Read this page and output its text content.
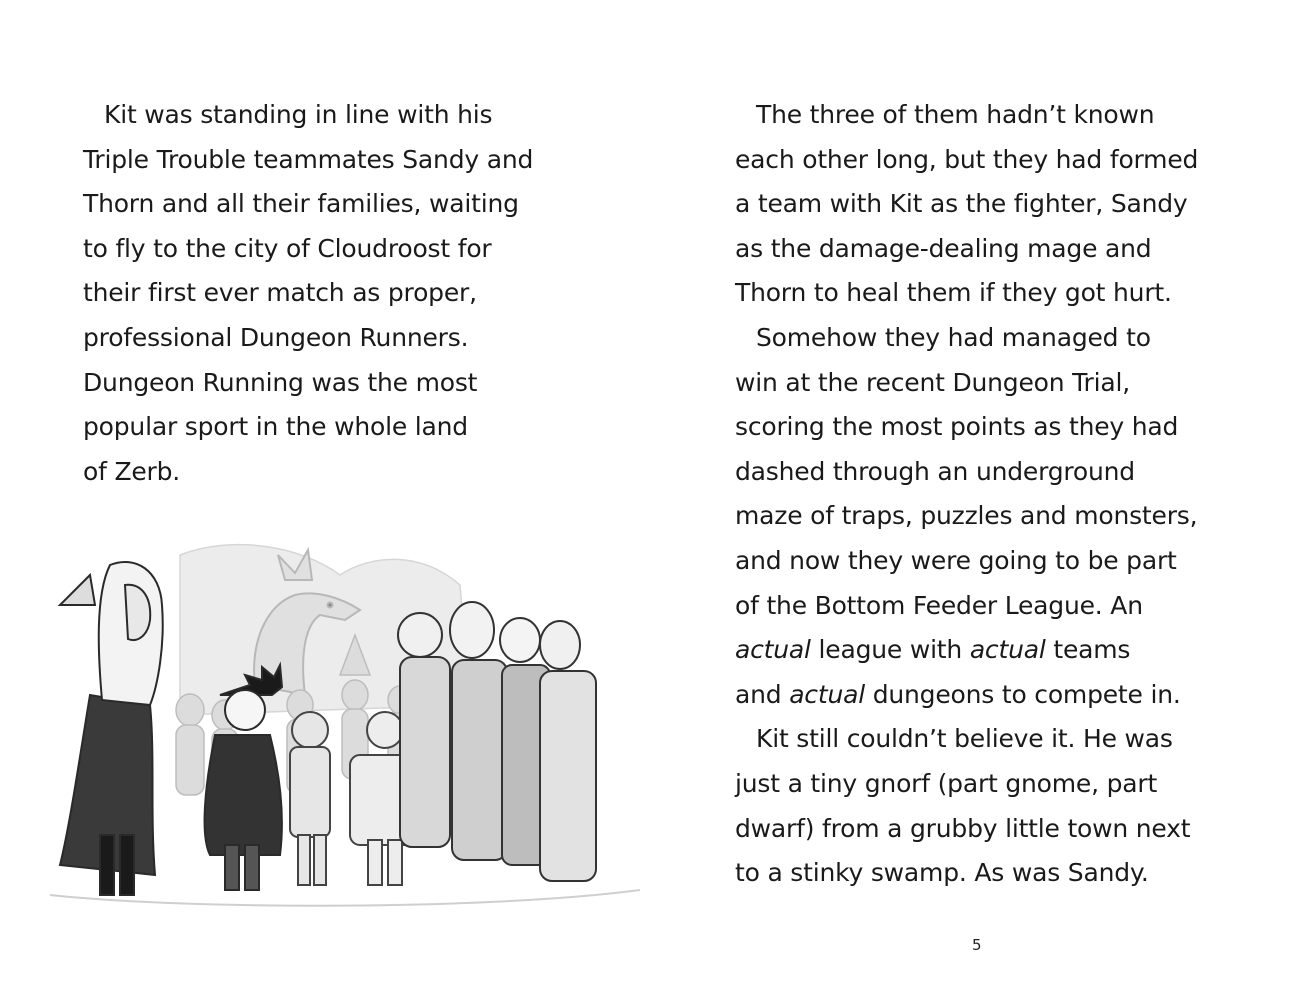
Kit was standing in line with his
Triple Trouble teammates Sandy and
Thorn and all their families, waiting
to fly to the city of Cloudroost for
their first ever match as proper,
professional Dungeon Runners.
Dungeon Running was the most
popular sport in the whole land
of Zerb.
The three of them hadn’t known
each other long, but they had formed
a team with Kit as the fighter, Sandy
as the damage-dealing mage and
Thorn to heal them if they got hurt.
Somehow they had managed to
win at the recent Dungeon Trial,
scoring the most points as they had
dashed through an underground
maze of traps, puzzles and monsters,
and now they were going to be part
of the Bottom Feeder League. An
actual league with actual teams
and actual dungeons to compete in.
Kit still couldn’t believe it. He was
just a tiny gnorf (part gnome, part
dwarf) from a grubby little town next
to a stinky swamp. As was Sandy.
5
